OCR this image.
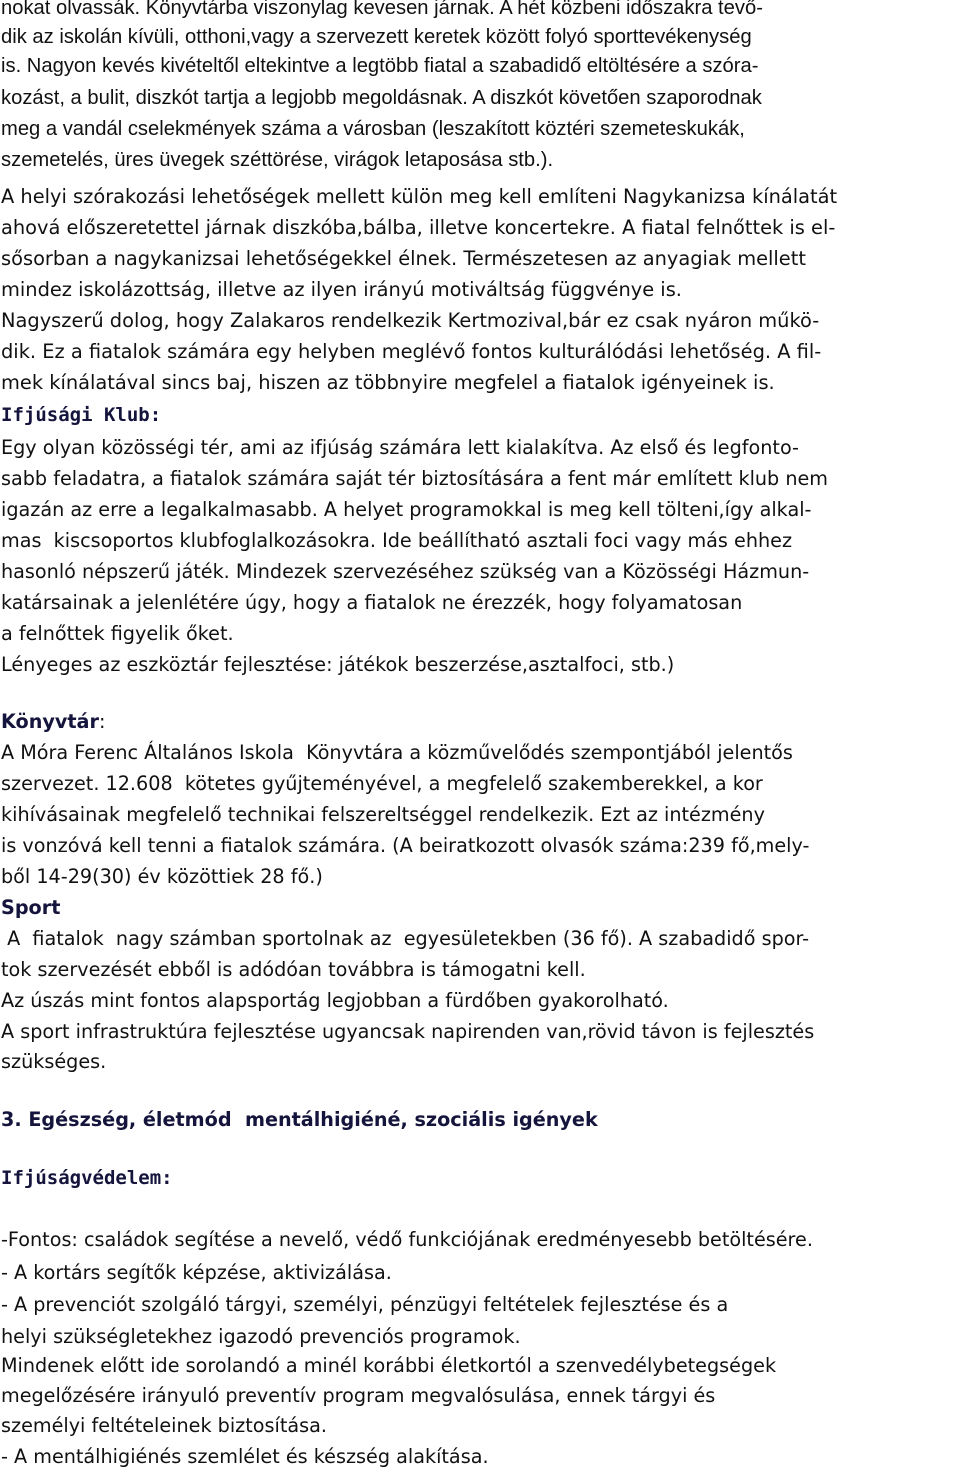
nokat olvassák. Könyvtárba viszonylag kevesen járnak. A hét közbeni időszakra tevő-
dik az iskolán kívüli, otthoni,vagy a szervezett keretek között folyó sporttevékenység
is. Nagyon kevés kivételtől eltekintve a legtöbb fiatal a szabadidő eltöltésére a szóra-
kozást, a bulit, diszkót tartja a legjobb megoldásnak. A diszkót követően szaporodnak
meg a vandál cselekmények száma a városban (leszakított köztéri szemeteskukák,
szemetelés, üres üvegek széttörése, virágok letaposása stb.).
A helyi szórakozási lehetőségek mellett külön meg kell említeni Nagykanizsa kínálatát
ahová előszeretettel járnak diszkóba,bálba, illetve koncertekre. A fiatal felnőttek is el-
sősorban a nagykanizsai lehetőségekkel élnek. Természetesen az anyagiak mellett
mindez iskolázottság, illetve az ilyen irányú motiváltság függvénye is.
Nagyszerű dolog, hogy Zalakaros rendelkezik Kertmozival,bár ez csak nyáron műkö-
dik. Ez a fiatalok számára egy helyben meglévő fontos kulturálódási lehetőség. A fil-
mek kínálatával sincs baj, hiszen az többnyire megfelel a fiatalok igényeinek is.
Ifjúsági Klub:
Egy olyan közösségi tér, ami az ifjúság számára lett kialakítva. Az első és legfonto-
sabb feladatra, a fiatalok számára saját tér biztosítására a fent már említett klub nem
igazán az erre a legalkalmasabb. A helyet programokkal is meg kell tölteni,így alkal-
mas  kiscsoportos klubfoglalkozásokra. Ide beállítható asztali foci vagy más ehhez
hasonló népszerű játék. Mindezek szervezéséhez szükség van a Közösségi Házmun-
katársainak a jelenlétére úgy, hogy a fiatalok ne érezzék, hogy folyamatosan
a felnőttek figyelik őket.
Lényeges az eszköztár fejlesztése: játékok beszerzése,asztalfoci, stb.)
Könyvtár:
A Móra Ferenc Általános Iskola  Könyvtára a közművelődés szempontjából jelentős
szervezet. 12.608  kötetes gyűjteményével, a megfelelő szakemberekkel, a kor
kihívásainak megfelelő technikai felszereltséggel rendelkezik. Ezt az intézmény
is vonzóvá kell tenni a fiatalok számára. (A beiratkozott olvasók száma:239 fő,mely-
ből 14-29(30) év közöttiek 28 fő.)
Sport
A  fiatalok  nagy számban sportolnak az  egyesületekben (36 fő). A szabadidő spor-
tok szervezését ebből is adódóan továbbra is támogatni kell.
Az úszás mint fontos alapsportág legjobban a fürdőben gyakorolható.
A sport infrastruktúra fejlesztése ugyancsak napirenden van,rövid távon is fejlesztés
szükséges.
3. Egészség, életmód  mentálhigiéné, szociális igények
Ifjúságvédelem:
-Fontos: családok segítése a nevelő, védő funkciójának eredményesebb betöltésére.
- A kortárs segítők képzése, aktivizálása.
- A prevenciót szolgáló tárgyi, személyi, pénzügyi feltételek fejlesztése és a
helyi szükségletekhez igazodó prevenciós programok.
Mindenek előtt ide sorolandó a minél korábbi életkortól a szenvedélybetegségek
megelőzésére irányuló preventív program megvalósulása, ennek tárgyi és
személyi feltételeinek biztosítása.
- A mentálhigiénés szemlélet és készség alakítása.
